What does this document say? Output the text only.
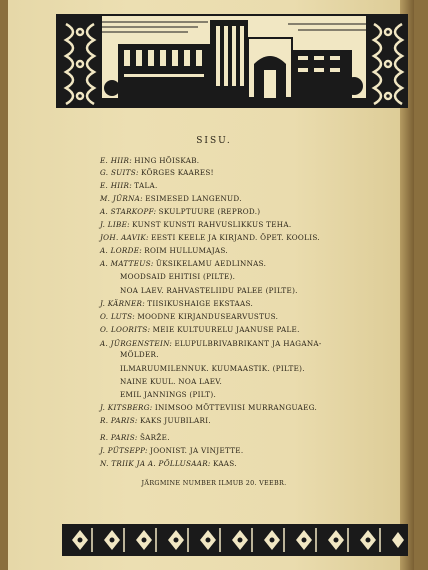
SISU.
E. HIIR: HING HÕISKAB.
G. SUITS: KÕRGES KAARES!
E. HIIR: TALA.
M. JÜRNA: ESIMESED LANGENUD.
A. STARKOPF: SKULPTUURE (REPROD.)
J. LIBE: KUNST KUNSTI RAHVUSLIKKUS TEHA.
JOH. AAVIK: EESTI KEELE JA KIRJAND. ÕPET. KOOLIS.
A. LORDE: ROIM HULLUMAJAS.
A. MATTEUS: ÜKSIKELAMU AEDLINNAS.
MOODSAID EHITISI (PILTE).
NOA LAEV. RAHVASTELIIDU PALEE (PILTE).
J. KÄRNER: TIISIKUSHAIGE EKSTAAS.
O. LUTS: MOODNE KIRJANDUSEARVUSTUS.
O. LOORITS: MEIE KULTUURELU JAANUSE PALE.
A. JÜRGENSTEIN: ELUPULBRIVABRIKANT JA HAGANA-
MÖLDER.
ILMARUUMILENNUK. KUUMAASTIK. (PILTE).
NAINE KUUL. NOA LAEV.
EMIL JANNINGS (PILT).
J. KITSBERG: INIMSOO MÕTTEVIISI MURRANGUAEG.
R. PARIS: KAKS JUUBILARI.
R. PARIS: ŠARŽE.
J. PÜTSEPP: JOONIST. JA VINJETTE.
N. TRIIK JA A. PÕLLUSAAR: KAAS.
JÄRGMINE NUMBER ILMUB 20. VEEBR.
